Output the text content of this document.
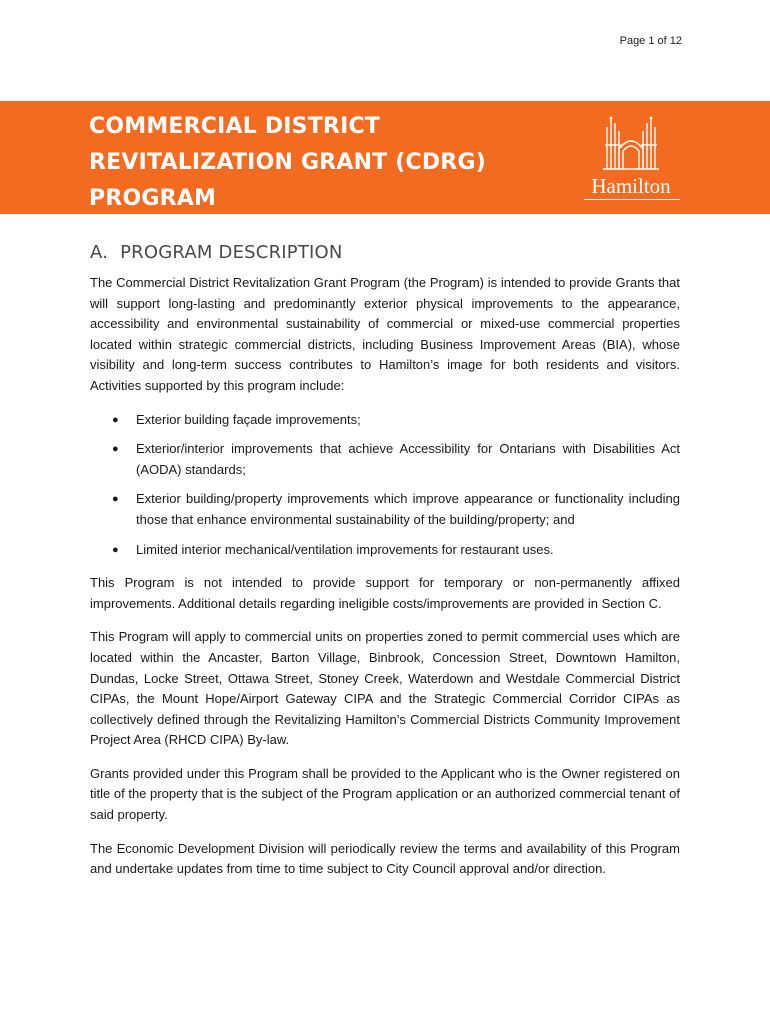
Page 1 of 12
COMMERCIAL DISTRICT
REVITALIZATION GRANT (CDRG)
PROGRAM	Hamilton
A. PROGRAM DESCRIPTION

The Commercial District Revitalization Grant Program (the Program) is intended to provide Grants that will support long-lasting and predominantly exterior physical improvements to the appearance, accessibility and environmental sustainability of commercial or mixed-use commercial properties located within strategic commercial districts, including Business Improvement Areas (BIA), whose visibility and long-term success contributes to Hamilton’s image for both residents and visitors. Activities supported by this program include:

● Exterior building façade improvements;
● Exterior/interior improvements that achieve Accessibility for Ontarians with Disabilities Act (AODA) standards;
● Exterior building/property improvements which improve appearance or functionality including those that enhance environmental sustainability of the building/property; and
● Limited interior mechanical/ventilation improvements for restaurant uses.

This Program is not intended to provide support for temporary or non-permanently affixed improvements. Additional details regarding ineligible costs/improvements are provided in Section C.

This Program will apply to commercial units on properties zoned to permit commercial uses which are located within the Ancaster, Barton Village, Binbrook, Concession Street, Downtown Hamilton, Dundas, Locke Street, Ottawa Street, Stoney Creek, Waterdown and Westdale Commercial District CIPAs, the Mount Hope/Airport Gateway CIPA and the Strategic Commercial Corridor CIPAs as collectively defined through the Revitalizing Hamilton’s Commercial Districts Community Improvement Project Area (RHCD CIPA) By-law.

Grants provided under this Program shall be provided to the Applicant who is the Owner registered on title of the property that is the subject of the Program application or an authorized commercial tenant of said property.

The Economic Development Division will periodically review the terms and availability of this Program and undertake updates from time to time subject to City Council approval and/or direction.
